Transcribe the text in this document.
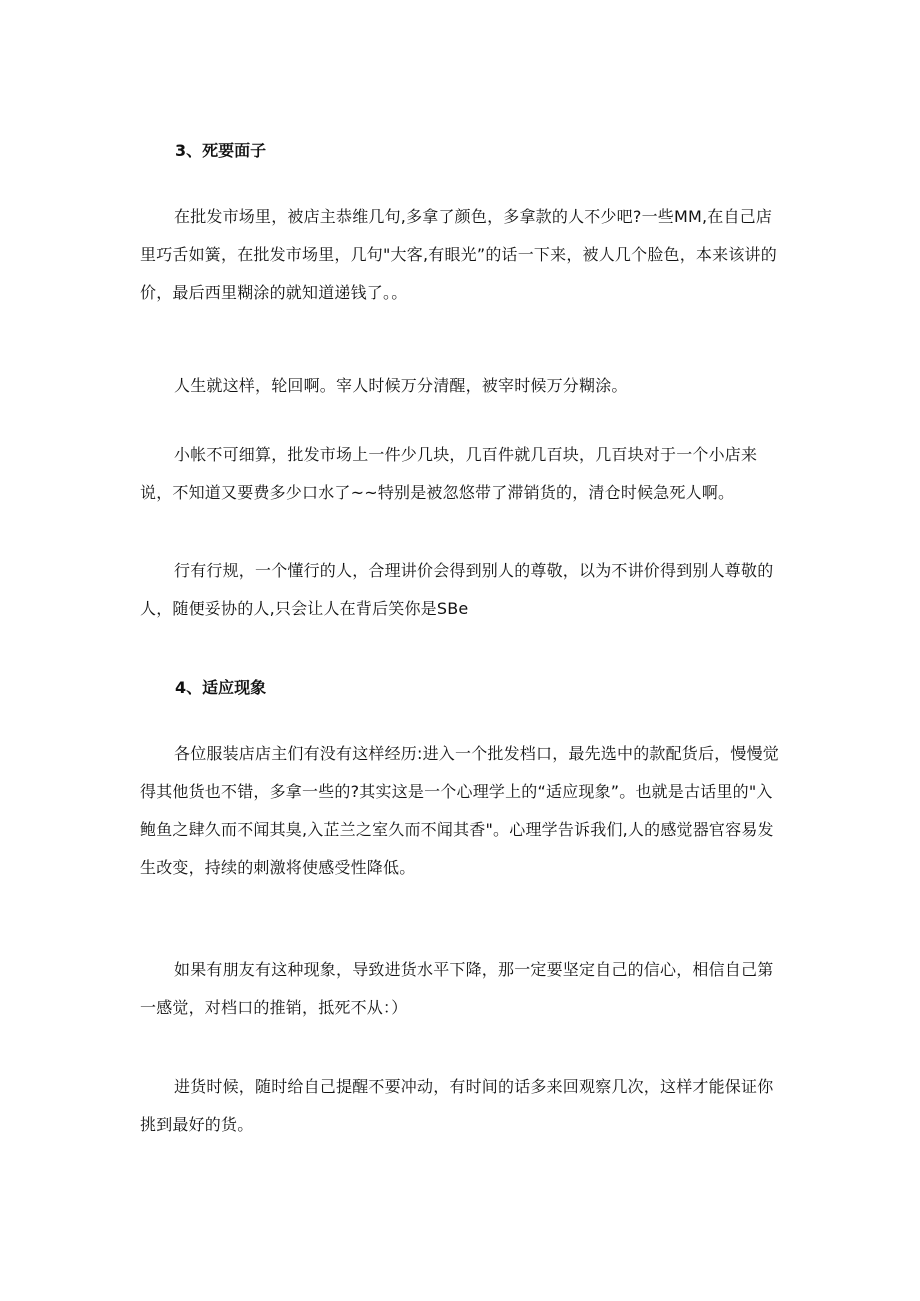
3、死要面子

在批发市场里，被店主恭维几句,多拿了颜色，多拿款的人不少吧?一些MM,在自己店里巧舌如簧，在批发市场里，几句"大客,有眼光”的话一下来，被人几个脸色，本来该讲的价，最后西里糊涂的就知道递钱了。。

人生就这样，轮回啊。宰人时候万分清醒，被宰时候万分糊涂。

小帐不可细算，批发市场上一件少几块，几百件就几百块，几百块对于一个小店来说，不知道又要费多少口水了~~特别是被忽悠带了滞销货的，清仓时候急死人啊。

行有行规，一个懂行的人，合理讲价会得到别人的尊敬，以为不讲价得到别人尊敬的人，随便妥协的人,只会让人在背后笑你是SBe

4、适应现象

各位服装店店主们有没有这样经历:进入一个批发档口，最先选中的款配货后，慢慢觉得其他货也不错，多拿一些的?其实这是一个心理学上的“适应现象”。也就是古话里的"入鲍鱼之肆久而不闻其臭,入芷兰之室久而不闻其香"。心理学告诉我们,人的感觉器官容易发生改变，持续的刺激将使感受性降低。

如果有朋友有这种现象，导致进货水平下降，那一定要坚定自己的信心，相信自己第一感觉，对档口的推销，抵死不从：）

进货时候，随时给自己提醒不要冲动，有时间的话多来回观察几次，这样才能保证你挑到最好的货。
